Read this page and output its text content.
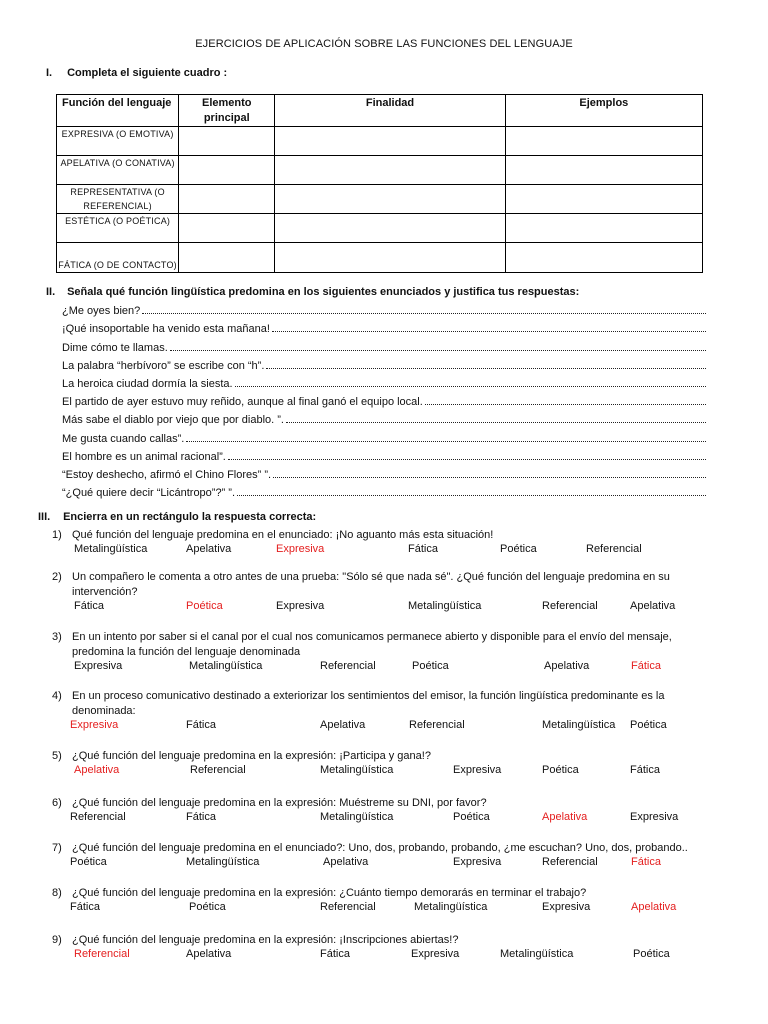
EJERCICIOS DE APLICACIÓN SOBRE LAS FUNCIONES DEL LENGUAJE
I. Completa el siguiente cuadro :
Función del lenguaje	Elemento principal	Finalidad	Ejemplos
EXPRESIVA (O EMOTIVA)			
APELATIVA (O CONATIVA)			
REPRESENTATIVA (O REFERENCIAL)			
ESTÉTICA (O POÉTICA)			
FÁTICA (O DE CONTACTO)			
II. Señala qué función lingüística predomina en los siguientes enunciados y justifica tus respuestas:
¿Me oyes bien?
¡Qué insoportable ha venido esta mañana!
Dime cómo te llamas.
La palabra “herbívoro” se escribe con “h”.
La heroica ciudad dormía la siesta.
El partido de ayer estuvo muy reñido, aunque al final ganó el equipo local.
Más sabe el diablo por viejo que por diablo. ”.
Me gusta cuando callas”.
El hombre es un animal racional”.
“Estoy deshecho, afirmó el Chino Flores” ”.
“¿Qué quiere decir “Licántropo”?” ”.
III. Encierra en un rectángulo la respuesta correcta:
1) Qué función del lenguaje predomina en el enunciado: ¡No aguanto más esta situación!
Metalingüística	Apelativa	Expresiva	Fática	Poética	Referencial
2) Un compañero le comenta a otro antes de una prueba: "Sólo sé que nada sé". ¿Qué función del lenguaje predomina en su intervención?
Fática	Poética	Expresiva	Metalingüística	Referencial	Apelativa
3) En un intento por saber si el canal por el cual nos comunicamos permanece abierto y disponible para el envío del mensaje, predomina la función del lenguaje denominada
Expresiva	Metalingüística	Referencial	Poética	Apelativa	Fática
4) En un proceso comunicativo destinado a exteriorizar los sentimientos del emisor, la función lingüística predominante es la denominada:
Expresiva	Fática	Apelativa	Referencial	Metalingüística Poética
5) ¿Qué función del lenguaje predomina en la expresión: ¡Participa y gana!?
Apelativa	Referencial	Metalingüística	Expresiva	Poética	Fática
6) ¿Qué función del lenguaje predomina en la expresión: Muéstreme su DNI, por favor?
Referencial	Fática	Metalingüística	Poética	Apelativa	Expresiva
7) ¿Qué función del lenguaje predomina en el enunciado?: Uno, dos, probando, probando, ¿me escuchan? Uno, dos, probando..
Poética	Metalingüística	Apelativa	Expresiva	Referencial	Fática
8) ¿Qué función del lenguaje predomina en la expresión: ¿Cuánto tiempo demorarás en terminar el trabajo?
Fática	Poética	Referencial	Metalingüística	Expresiva	Apelativa
9) ¿Qué función del lenguaje predomina en la expresión: ¡Inscripciones abiertas!?
Referencial	Apelativa	Fática	Expresiva	Metalingüística	Poética
